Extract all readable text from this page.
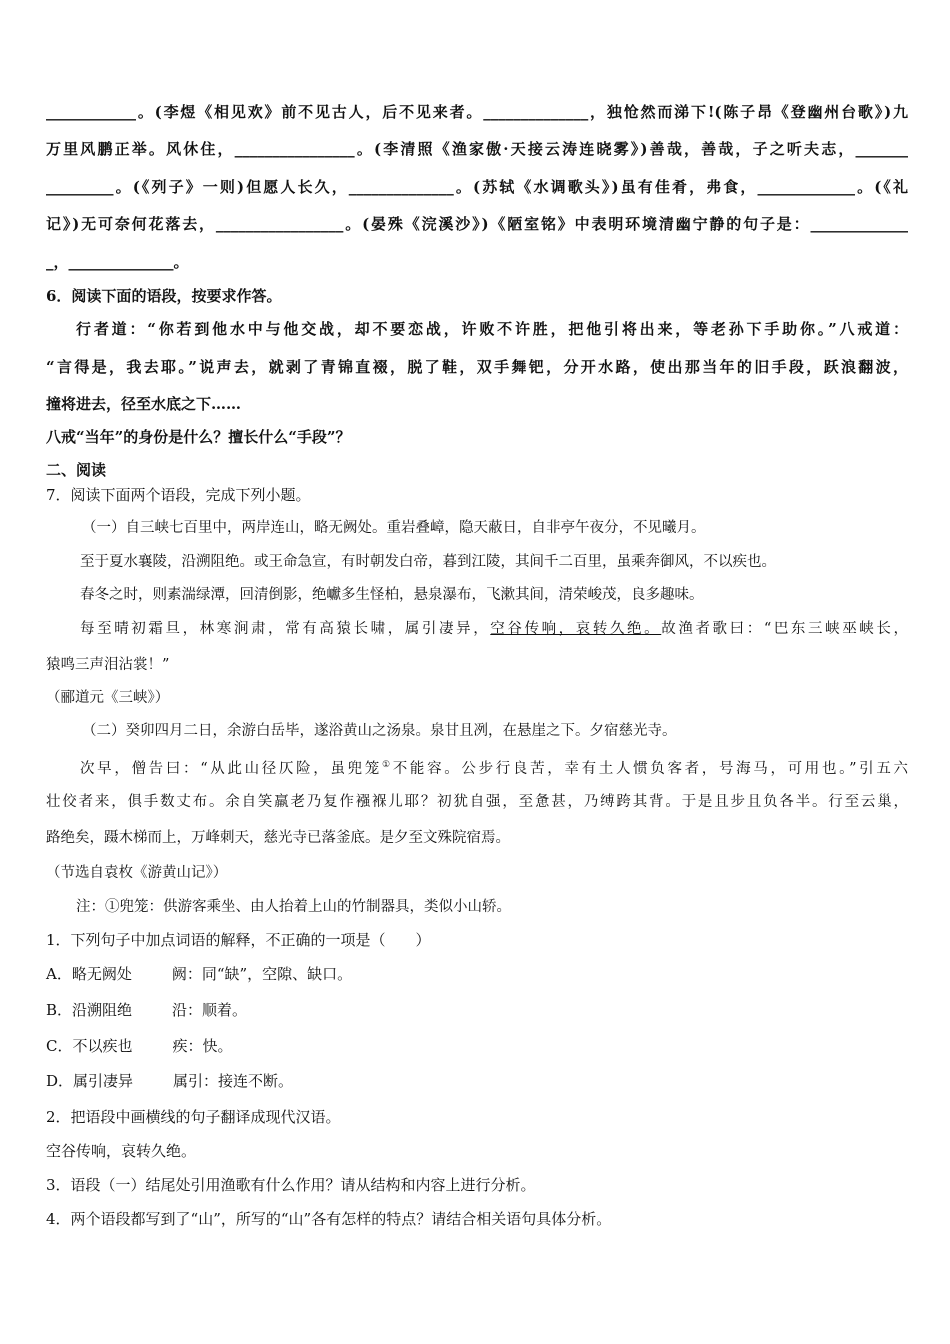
____________。(李煜《相见欢》前不见古人，后不见来者。______________，独怆然而涕下!(陈子昂《登幽州台歌》)九
万里风鹏正举。风休住，________________。(李清照《渔家傲·天接云涛连晓雾》)善哉，善哉，子之听夫志，_______
_________。(《列子》一则)但愿人长久，______________。(苏轼《水调歌头》)虽有佳肴，弗食，_____________。(《礼
记》)无可奈何花落去，_________________。(晏殊《浣溪沙》)《陋室铭》中表明环境清幽宁静的句子是：_____________
_，______________。
6．阅读下面的语段，按要求作答。
行者道：“你若到他水中与他交战，却不要恋战，许败不许胜，把他引将出来，等老孙下手助你。”八戒道：
“言得是，我去耶。”说声去，就剥了青锦直裰，脱了鞋，双手舞钯，分开水路，使出那当年的旧手段，跃浪翻波，
撞将进去，径至水底之下……
八戒“当年”的身份是什么？擅长什么“手段”？
二、阅读
7．阅读下面两个语段，完成下列小题。
（一）自三峡七百里中，两岸连山，略无阙处。重岩叠嶂，隐天蔽日，自非亭午夜分，不见曦月。
至于夏水襄陵，沿溯阻绝。或王命急宣，有时朝发白帝，暮到江陵，其间千二百里，虽乘奔御风，不以疾也。
春冬之时，则素湍绿潭，回清倒影，绝巘多生怪柏，悬泉瀑布，飞漱其间，清荣峻茂，良多趣味。
每至晴初霜旦，林寒涧肃，常有高猿长啸，属引凄异，空谷传响，哀转久绝。故渔者歌曰：“巴东三峡巫峡长，
猿鸣三声泪沾裳！”
（郦道元《三峡》）
（二）癸卯四月二日，余游白岳毕，遂浴黄山之汤泉。泉甘且冽，在悬崖之下。夕宿慈光寺。
次早，僧告曰：“从此山径仄险，虽兜笼①不能容。公步行良苦，幸有土人惯负客者，号海马，可用也。”引五六
壮佼者来，俱手数丈布。余自笑羸老乃复作襁褓儿耶？初犹自强，至惫甚，乃缚跨其背。于是且步且负各半。行至云巢，
路绝矣，蹑木梯而上，万峰刺天，慈光寺已落釜底。是夕至文殊院宿焉。
（节选自袁枚《游黄山记》）
注：①兜笼：供游客乘坐、由人抬着上山的竹制器具，类似小山轿。
1．下列句子中加点词语的解释，不正确的一项是（　　）
A．略无阙处	阙：同“缺”，空隙、缺口。
B．沿溯阻绝	沿：顺着。
C．不以疾也	疾：快。
D．属引凄异	属引：接连不断。
2．把语段中画横线的句子翻译成现代汉语。
空谷传响，哀转久绝。
3．语段（一）结尾处引用渔歌有什么作用？请从结构和内容上进行分析。
4．两个语段都写到了“山”，所写的“山”各有怎样的特点？请结合相关语句具体分析。
